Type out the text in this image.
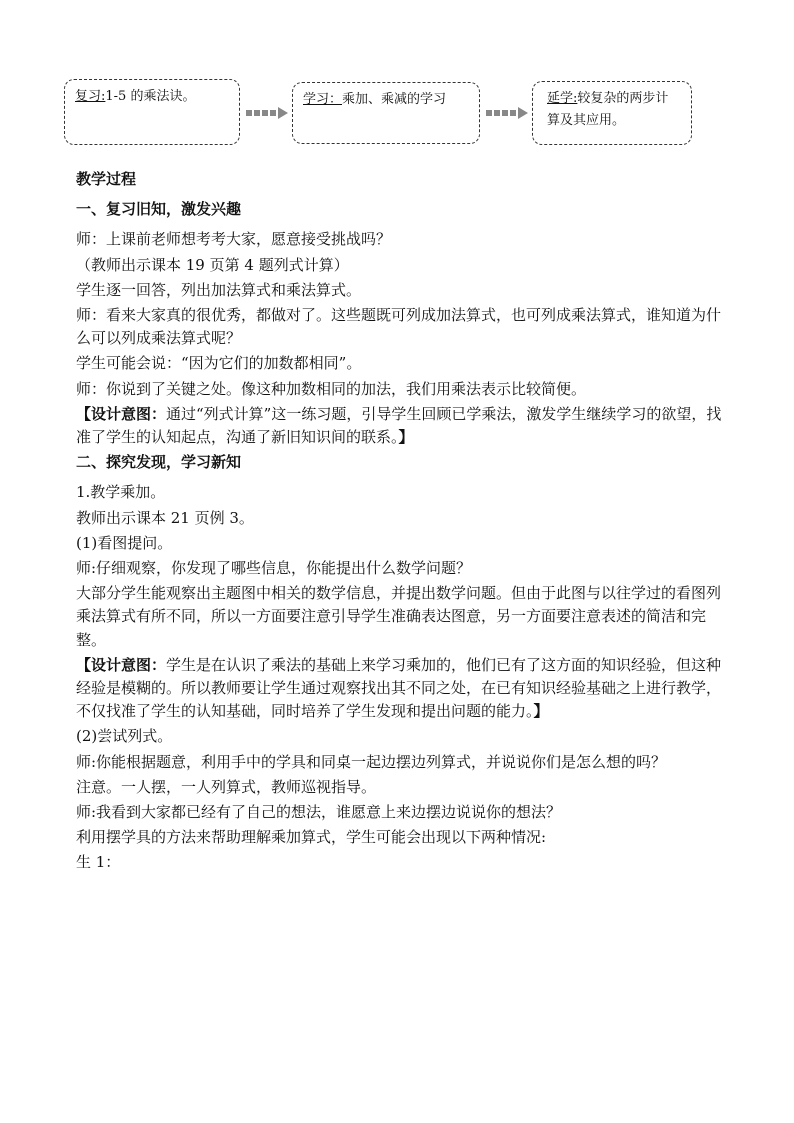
复习:1-5 的乘法诀。	学习：乘加、乘减的学习	延学:较复杂的两步计算及其应用。

教学过程

一、复习旧知，激发兴趣

师：上课前老师想考考大家，愿意接受挑战吗？

（教师出示课本 19 页第 4 题列式计算）

学生逐一回答，列出加法算式和乘法算式。

师：看来大家真的很优秀，都做对了。这些题既可列成加法算式，也可列成乘法算式，谁知道为什么可以列成乘法算式呢？

学生可能会说：“因为它们的加数都相同”。

师：你说到了关键之处。像这种加数相同的加法，我们用乘法表示比较简便。

【设计意图：通过“列式计算”这一练习题，引导学生回顾已学乘法，激发学生继续学习的欲望，找准了学生的认知起点，沟通了新旧知识间的联系。】

二、探究发现，学习新知

1.教学乘加。

教师出示课本 21 页例 3。

(1)看图提问。

师:仔细观察，你发现了哪些信息，你能提出什么数学问题？

大部分学生能观察出主题图中相关的数学信息，并提出数学问题。但由于此图与以往学过的看图列乘法算式有所不同，所以一方面要注意引导学生准确表达图意，另一方面要注意表述的简洁和完整。

【设计意图：学生是在认识了乘法的基础上来学习乘加的，他们已有了这方面的知识经验，但这种经验是模糊的。所以教师要让学生通过观察找出其不同之处，在已有知识经验基础之上进行教学，不仅找准了学生的认知基础，同时培养了学生发现和提出问题的能力。】

(2)尝试列式。

师:你能根据题意，利用手中的学具和同桌一起边摆边列算式，并说说你们是怎么想的吗？

注意。一人摆，一人列算式，教师巡视指导。

师:我看到大家都已经有了自己的想法，谁愿意上来边摆边说说你的想法？

利用摆学具的方法来帮助理解乘加算式，学生可能会出现以下两种情况:

生 1：
